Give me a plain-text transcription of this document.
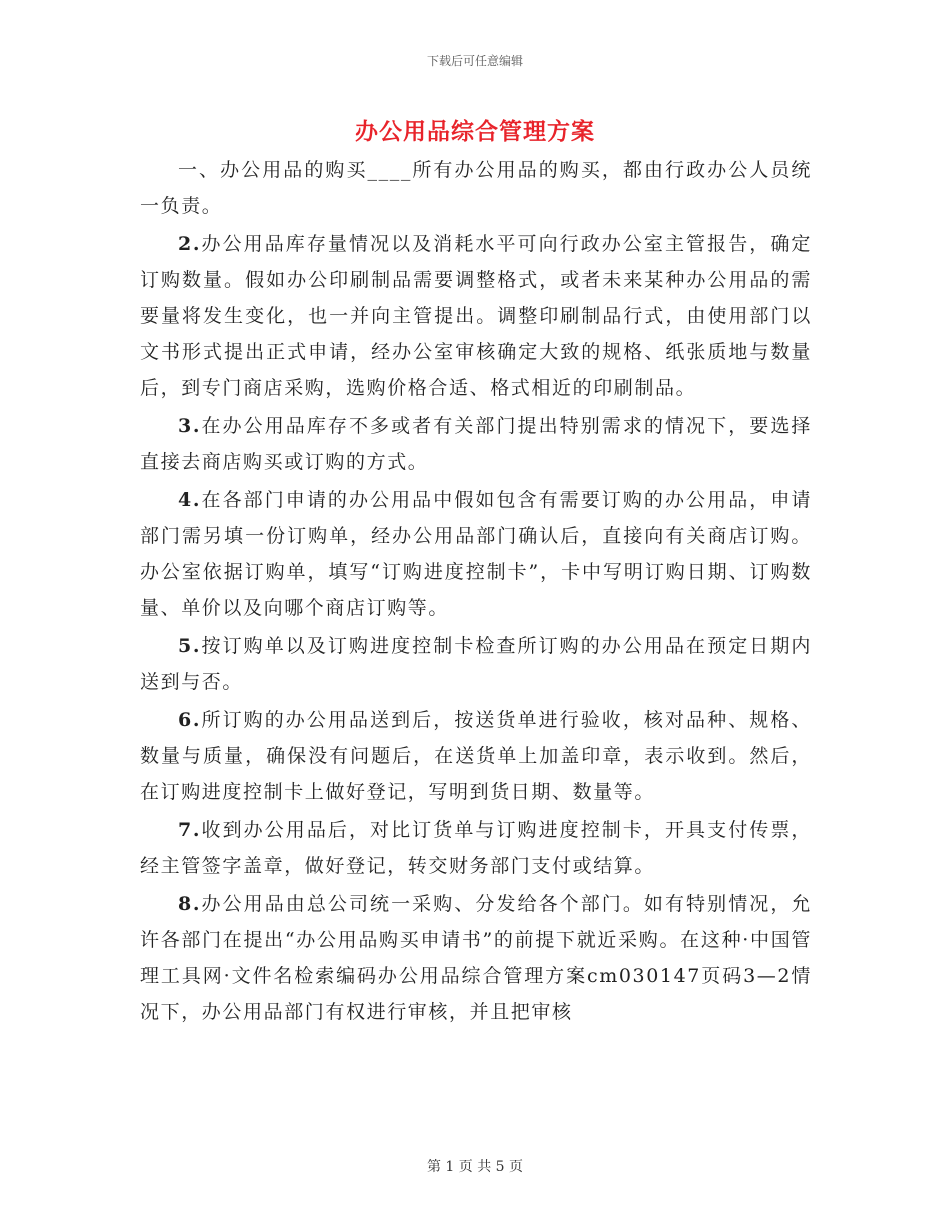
下载后可任意编辑
办公用品综合管理方案

一、办公用品的购买____所有办公用品的购买，都由行政办公人员统一负责。

2.办公用品库存量情况以及消耗水平可向行政办公室主管报告，确定订购数量。假如办公印刷制品需要调整格式，或者未来某种办公用品的需要量将发生变化，也一并向主管提出。调整印刷制品行式，由使用部门以文书形式提出正式申请，经办公室审核确定大致的规格、纸张质地与数量后，到专门商店采购，选购价格合适、格式相近的印刷制品。

3.在办公用品库存不多或者有关部门提出特别需求的情况下，要选择直接去商店购买或订购的方式。

4.在各部门申请的办公用品中假如包含有需要订购的办公用品，申请部门需另填一份订购单，经办公用品部门确认后，直接向有关商店订购。办公室依据订购单，填写“订购进度控制卡”，卡中写明订购日期、订购数量、单价以及向哪个商店订购等。

5.按订购单以及订购进度控制卡检查所订购的办公用品在预定日期内送到与否。

6.所订购的办公用品送到后，按送货单进行验收，核对品种、规格、数量与质量，确保没有问题后，在送货单上加盖印章，表示收到。然后，在订购进度控制卡上做好登记，写明到货日期、数量等。

7.收到办公用品后，对比订货单与订购进度控制卡，开具支付传票，经主管签字盖章，做好登记，转交财务部门支付或结算。

8.办公用品由总公司统一采购、分发给各个部门。如有特别情况，允许各部门在提出“办公用品购买申请书”的前提下就近采购。在这种·中国管理工具网·文件名检索编码办公用品综合管理方案cm030147页码3—2情况下，办公用品部门有权进行审核，并且把审核

第 1 页 共 5 页
